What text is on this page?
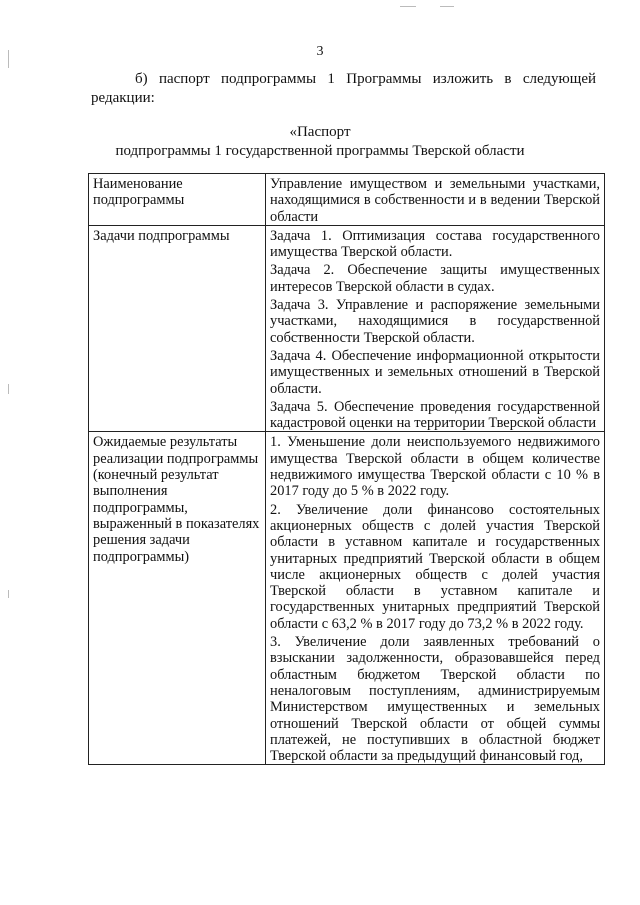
3
б) паспорт подпрограммы 1 Программы изложить в следующей
редакции:
«Паспорт
подпрограммы 1 государственной программы Тверской области
Наименование подпрограммы	Управление имуществом и земельными участками, находящимися в собственности и в ведении Тверской области

Задачи подпрограммы	Задача 1. Оптимизация состава государственного имущества Тверской области.

Задача 2. Обеспечение защиты имущественных интересов Тверской области в судах.

Задача 3. Управление и распоряжение земельными участками, находящимися в государственной собственности Тверской области.

Задача 4. Обеспечение информационной открытости имущественных и земельных отношений в Тверской области.

Задача 5. Обеспечение проведения государственной кадастровой оценки на территории Тверской области

Ожидаемые результаты реализации подпрограммы (конечный результат выполнения подпрограммы, выраженный в показателях решения задачи подпрограммы)	1. Уменьшение доли неиспользуемого недвижимого имущества Тверской области в общем количестве недвижимого имущества Тверской области с 10 % в 2017 году до 5 % в 2022 году.

2. Увеличение доли финансово состоятельных акционерных обществ с долей участия Тверской области в уставном капитале и государственных унитарных предприятий Тверской области в общем числе акционерных обществ с долей участия Тверской области в уставном капитале и государственных унитарных предприятий Тверской области с 63,2 % в 2017 году до 73,2 % в 2022 году.

3. Увеличение доли заявленных требований о взыскании задолженности, образовавшейся перед областным бюджетом Тверской области по неналоговым поступлениям, администрируемым Министерством имущественных и земельных отношений Тверской области от общей суммы платежей, не поступивших в областной бюджет Тверской области за предыдущий финансовый год,
